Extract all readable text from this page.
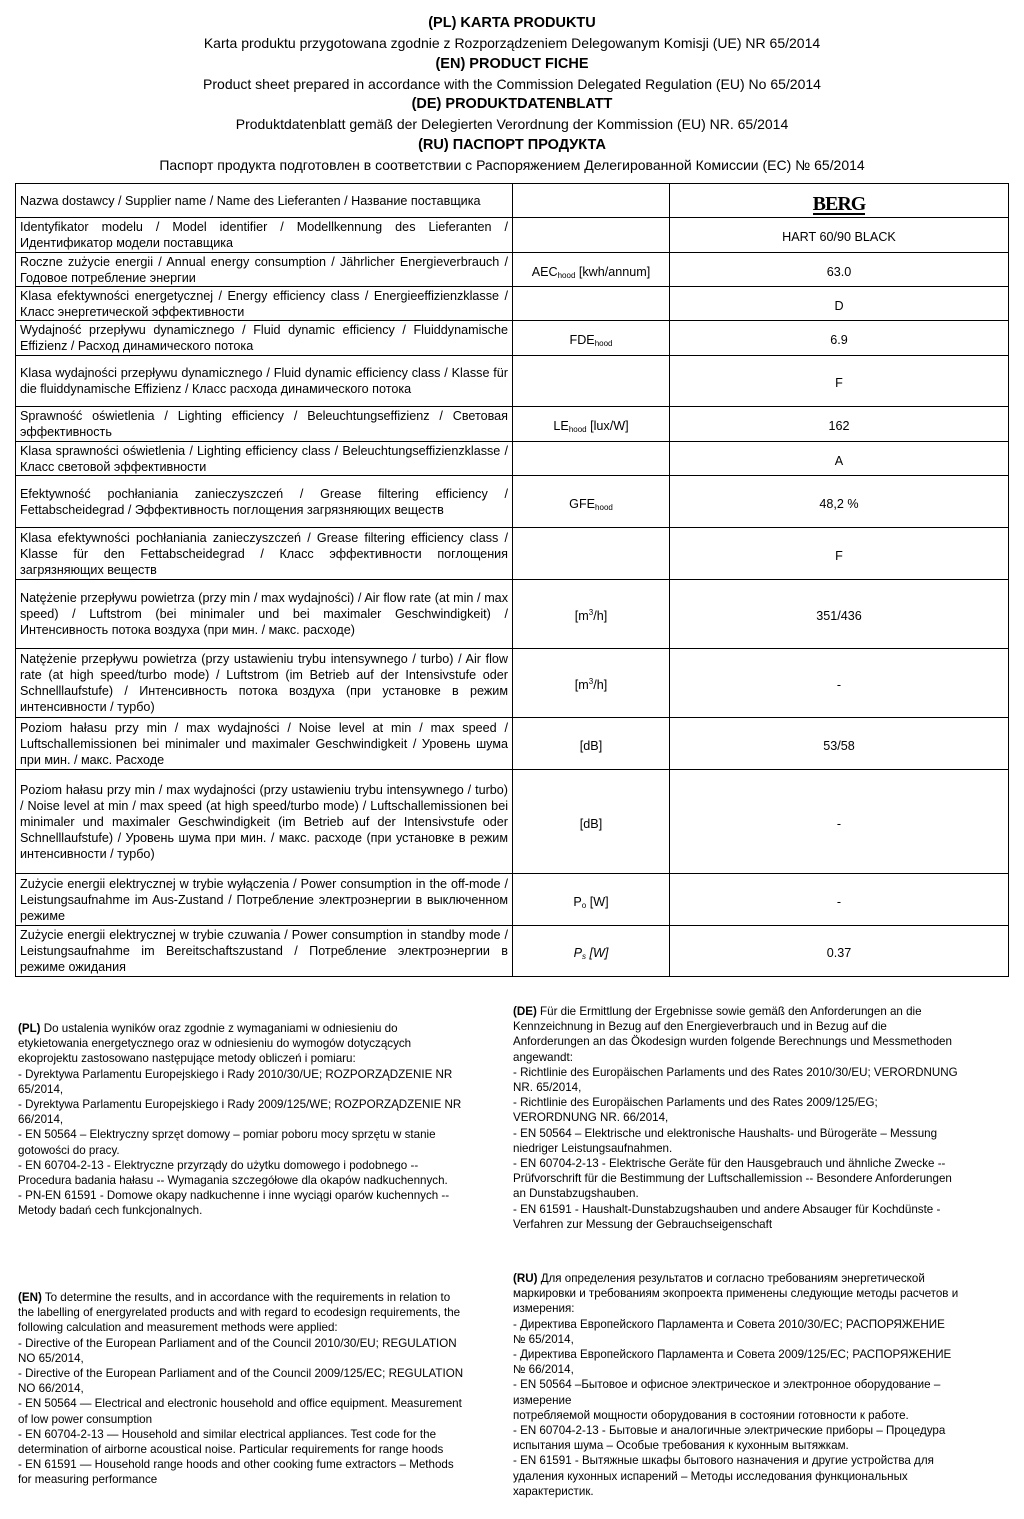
(PL) KARTA PRODUKTU
Karta produktu przygotowana zgodnie z Rozporządzeniem Delegowanym Komisji (UE) NR 65/2014
(EN) PRODUCT FICHE
Product sheet prepared in accordance with the Commission Delegated Regulation (EU) No 65/2014
(DE) PRODUKTDATENBLATT
Produktdatenblatt gemäß der Delegierten Verordnung der Kommission (EU) NR. 65/2014
(RU) ПАСПОРТ ПРОДУКТА
Паспорт продукта подготовлен в соответствии с Распоряжением Делегированной Комиссии (ЕС) № 65/2014
Nazwa dostawcy / Supplier name / Name des Lieferanten / Название поставщика		BERG
Identyfikator modelu / Model identifier / Modellkennung des Lieferanten / Идентификатор модели поставщика		HART 60/90 BLACK
Roczne zużycie energii / Annual energy consumption / Jährlicher Energieverbrauch / Годовое потребление энергии	$AEC_{hood}$ [kwh/annum]	63.0
Klasa efektywności energetycznej / Energy efficiency class / Energieeffizienzklasse / Класс энергетической эффективности		D
Wydajność przepływu dynamicznego / Fluid dynamic efficiency / Fluiddynamische Effizienz / Расход динамического потока	$FDE_{hood}$	6.9
Klasa wydajności przepływu dynamicznego / Fluid dynamic efficiency class / Klasse für die fluiddynamische Effizienz / Класс расхода динамического потока		F
Sprawność oświetlenia / Lighting efficiency / Beleuchtungseffizienz / Световая эффективность	$LE_{hood}$ [lux/W]	162
Klasa sprawności oświetlenia / Lighting efficiency class / Beleuchtungseffizienzklasse / Класс световой эффективности		A
Efektywność pochłaniania zanieczyszczeń / Grease filtering efficiency / Fettabscheidegrad / Эффективность поглощения загрязняющих веществ	$GFE_{hood}$	48,2 %
Klasa efektywności pochłaniania zanieczyszczeń / Grease filtering efficiency class / Klasse für den Fettabscheidegrad / Класс эффективности поглощения загрязняющих веществ		F
Natężenie przepływu powietrza (przy min / max wydajności) / Air flow rate (at min / max speed) / Luftstrom (bei minimaler und bei maximaler Geschwindigkeit) / Интенсивность потока воздуха (при мин. / макс. расходе)	$[m^3/h]$	351/436
Natężenie przepływu powietrza (przy ustawieniu trybu intensywnego / turbo) / Air flow rate (at high speed/turbo mode) / Luftstrom (im Betrieb auf der Intensivstufe oder Schnelllaufstufe) / Интенсивность потока воздуха (при установке в режим интенсивности / турбо)	$[m^3/h]$	-
Poziom hałasu przy min / max wydajności / Noise level at min / max speed / Luftschallemissionen bei minimaler und maximaler Geschwindigkeit / Уровень шума при мин. / макс. Расходе	[dB]	53/58
Poziom hałasu przy min / max wydajności (przy ustawieniu trybu intensywnego / turbo) / Noise level at min / max speed (at high speed/turbo mode) / Luftschallemissionen bei minimaler und maximaler Geschwindigkeit (im Betrieb auf der Intensivstufe oder Schnelllaufstufe) / Уровень шума при мин. / макс. расходе (при установке в режим интенсивности / турбо)	[dB]	-
Zużycie energii elektrycznej w trybie wyłączenia / Power consumption in the off-mode / Leistungsaufnahme im Aus-Zustand / Потребление электроэнергии в выключенном режиме	$P_o$ [W]	-
Zużycie energii elektrycznej w trybie czuwania / Power consumption in standby mode / Leistungsaufnahme im Bereitschaftszustand / Потребление электроэнергии в режиме ожидания	$P_s$ [W]	0.37
(PL) Do ustalenia wyników oraz zgodnie z wymaganiami w odniesieniu do
etykietowania energetycznego oraz w odniesieniu do wymogów dotyczących
ekoprojektu zastosowano następujące metody obliczeń i pomiaru:
- Dyrektywa Parlamentu Europejskiego i Rady 2010/30/UE; ROZPORZĄDZENIE NR
65/2014,
- Dyrektywa Parlamentu Europejskiego i Rady 2009/125/WE; ROZPORZĄDZENIE NR
66/2014,
- EN 50564 – Elektryczny sprzęt domowy – pomiar poboru mocy sprzętu w stanie
gotowości do pracy.
- EN 60704-2-13 - Elektryczne przyrządy do użytku domowego i podobnego --
Procedura badania hałasu -- Wymagania szczegółowe dla okapów nadkuchennych.
- PN-EN 61591 - Domowe okapy nadkuchenne i inne wyciągi oparów kuchennych --
Metody badań cech funkcjonalnych.
(DE) Für die Ermittlung der Ergebnisse sowie gemäß den Anforderungen an die
Kennzeichnung in Bezug auf den Energieverbrauch und in Bezug auf die
Anforderungen an das Ökodesign wurden folgende Berechnungs und Messmethoden
angewandt:
- Richtlinie des Europäischen Parlaments und des Rates 2010/30/EU; VERORDNUNG
NR. 65/2014,
- Richtlinie des Europäischen Parlaments und des Rates 2009/125/EG;
VERORDNUNG NR. 66/2014,
- EN 50564 – Elektrische und elektronische Haushalts- und Bürogeräte – Messung
niedriger Leistungsaufnahmen.
- EN 60704-2-13 - Elektrische Geräte für den Hausgebrauch und ähnliche Zwecke --
Prüfvorschrift für die Bestimmung der Luftschallemission -- Besondere Anforderungen
an Dunstabzugshauben.
- EN 61591 - Haushalt-Dunstabzugshauben und andere Absauger für Kochdünste -
Verfahren zur Messung der Gebrauchseigenschaft
(EN) To determine the results, and in accordance with the requirements in relation to
the labelling of energyrelated products and with regard to ecodesign requirements, the
following calculation and measurement methods were applied:
- Directive of the European Parliament and of the Council 2010/30/EU; REGULATION
NO 65/2014,
- Directive of the European Parliament and of the Council 2009/125/EC; REGULATION
NO 66/2014,
- EN 50564 — Electrical and electronic household and office equipment. Measurement
of low power consumption
- EN 60704-2-13 — Household and similar electrical appliances. Test code for the
determination of airborne acoustical noise. Particular requirements for range hoods
- EN 61591 — Household range hoods and other cooking fume extractors – Methods
for measuring performance
(RU) Для определения результатов и согласно требованиям энергетической
маркировки и требованиям экопроекта применены следующие методы расчетов и
измерения:
- Директива Европейского Парламента и Совета 2010/30/ЕС; РАСПОРЯЖЕНИЕ
№ 65/2014,
- Директива Европейского Парламента и Совета 2009/125/ЕС; РАСПОРЯЖЕНИЕ
№ 66/2014,
- EN 50564 –Бытовое и офисное электрическое и электронное оборудование –
измерение
потребляемой мощности оборудования в состоянии готовности к работе.
- EN 60704-2-13 - Бытовые и аналогичные электрические приборы – Процедура
испытания шума – Особые требования к кухонным вытяжкам.
- EN 61591 - Вытяжные шкафы бытового назначения и другие устройства для
удаления кухонных испарений – Методы исследования функциональных
характеристик.
